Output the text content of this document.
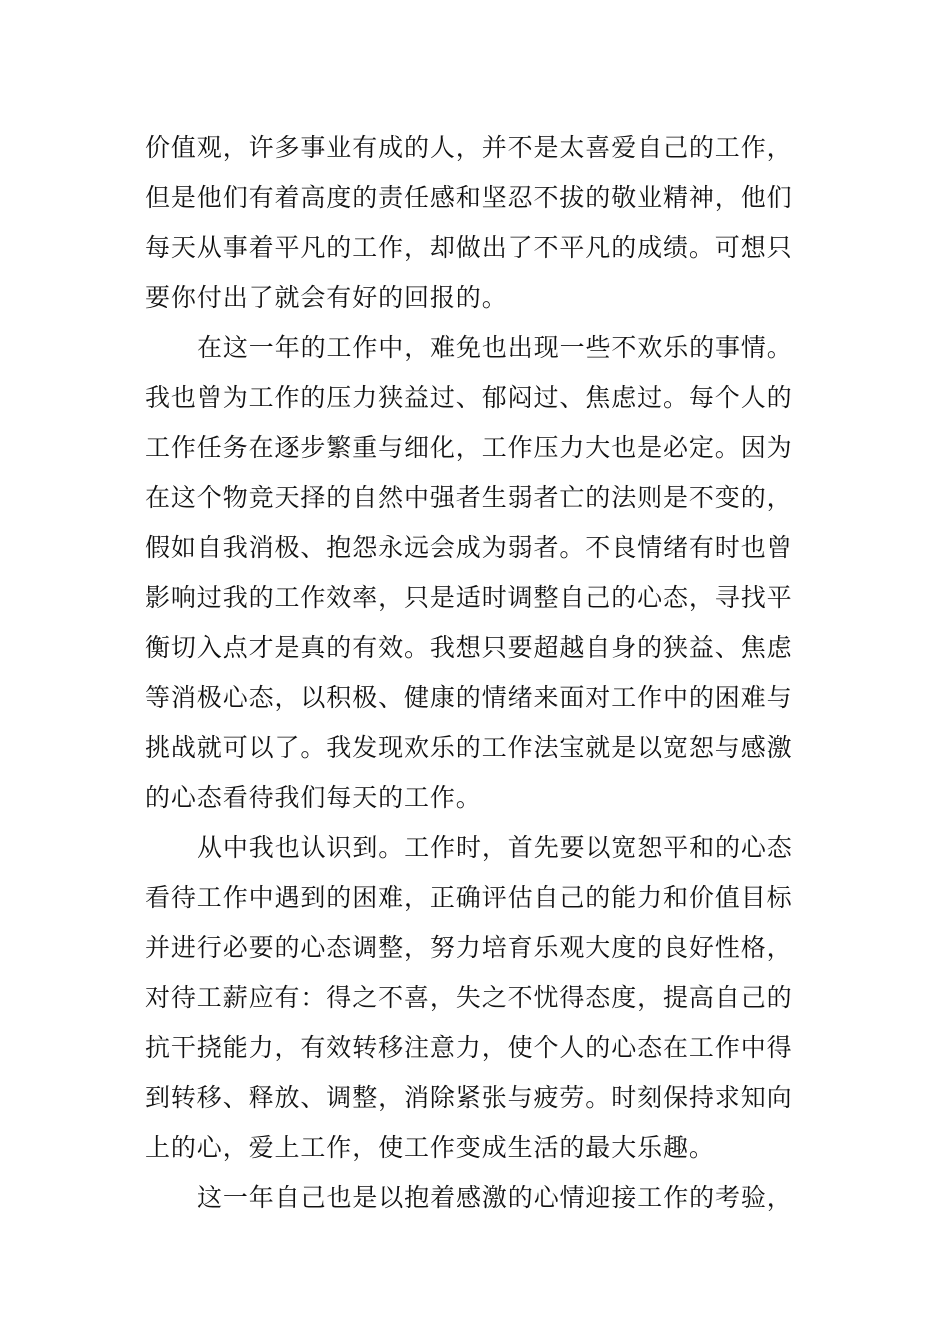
价值观，许多事业有成的人，并不是太喜爱自己的工作，
但是他们有着高度的责任感和坚忍不拔的敬业精神，他们
每天从事着平凡的工作，却做出了不平凡的成绩。可想只
要你付出了就会有好的回报的。
在这一年的工作中，难免也出现一些不欢乐的事情。
我也曾为工作的压力狭益过、郁闷过、焦虑过。每个人的
工作任务在逐步繁重与细化，工作压力大也是必定。因为
在这个物竞天择的自然中强者生弱者亡的法则是不变的，
假如自我消极、抱怨永远会成为弱者。不良情绪有时也曾
影响过我的工作效率，只是适时调整自己的心态，寻找平
衡切入点才是真的有效。我想只要超越自身的狭益、焦虑
等消极心态，以积极、健康的情绪来面对工作中的困难与
挑战就可以了。我发现欢乐的工作法宝就是以宽恕与感激
的心态看待我们每天的工作。
从中我也认识到。工作时，首先要以宽恕平和的心态
看待工作中遇到的困难，正确评估自己的能力和价值目标
并进行必要的心态调整，努力培育乐观大度的良好性格，
对待工薪应有：得之不喜，失之不忧得态度，提高自己的
抗干挠能力，有效转移注意力，使个人的心态在工作中得
到转移、释放、调整，消除紧张与疲劳。时刻保持求知向
上的心，爱上工作，使工作变成生活的最大乐趣。
这一年自己也是以抱着感激的心情迎接工作的考验，
